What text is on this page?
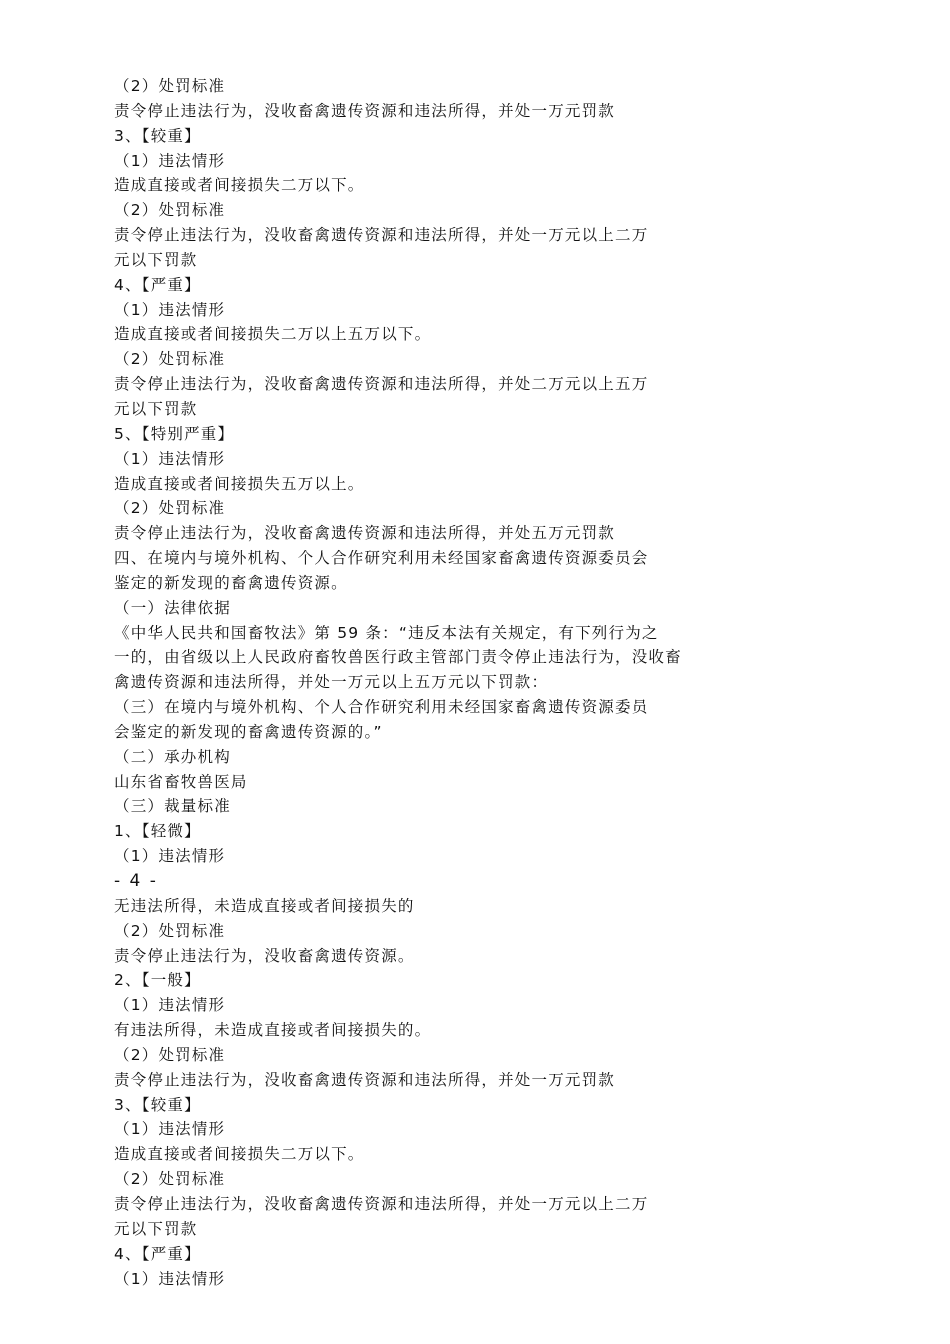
（2）处罚标准
责令停止违法行为，没收畜禽遗传资源和违法所得，并处一万元罚款
3、【较重】
（1）违法情形
造成直接或者间接损失二万以下。
（2）处罚标准
责令停止违法行为，没收畜禽遗传资源和违法所得，并处一万元以上二万
元以下罚款
4、【严重】
（1）违法情形
造成直接或者间接损失二万以上五万以下。
（2）处罚标准
责令停止违法行为，没收畜禽遗传资源和违法所得，并处二万元以上五万
元以下罚款
5、【特别严重】
（1）违法情形
造成直接或者间接损失五万以上。
（2）处罚标准
责令停止违法行为，没收畜禽遗传资源和违法所得，并处五万元罚款
四、在境内与境外机构、个人合作研究利用未经国家畜禽遗传资源委员会
鉴定的新发现的畜禽遗传资源。
（一）法律依据
《中华人民共和国畜牧法》第 59 条：“违反本法有关规定，有下列行为之
一的，由省级以上人民政府畜牧兽医行政主管部门责令停止违法行为，没收畜
禽遗传资源和违法所得，并处一万元以上五万元以下罚款：
（三）在境内与境外机构、个人合作研究利用未经国家畜禽遗传资源委员
会鉴定的新发现的畜禽遗传资源的。”
（二）承办机构
山东省畜牧兽医局
（三）裁量标准
1、【轻微】
（1）违法情形
- 4 -
无违法所得，未造成直接或者间接损失的
（2）处罚标准
责令停止违法行为，没收畜禽遗传资源。
2、【一般】
（1）违法情形
有违法所得，未造成直接或者间接损失的。
（2）处罚标准
责令停止违法行为，没收畜禽遗传资源和违法所得，并处一万元罚款
3、【较重】
（1）违法情形
造成直接或者间接损失二万以下。
（2）处罚标准
责令停止违法行为，没收畜禽遗传资源和违法所得，并处一万元以上二万
元以下罚款
4、【严重】
（1）违法情形
